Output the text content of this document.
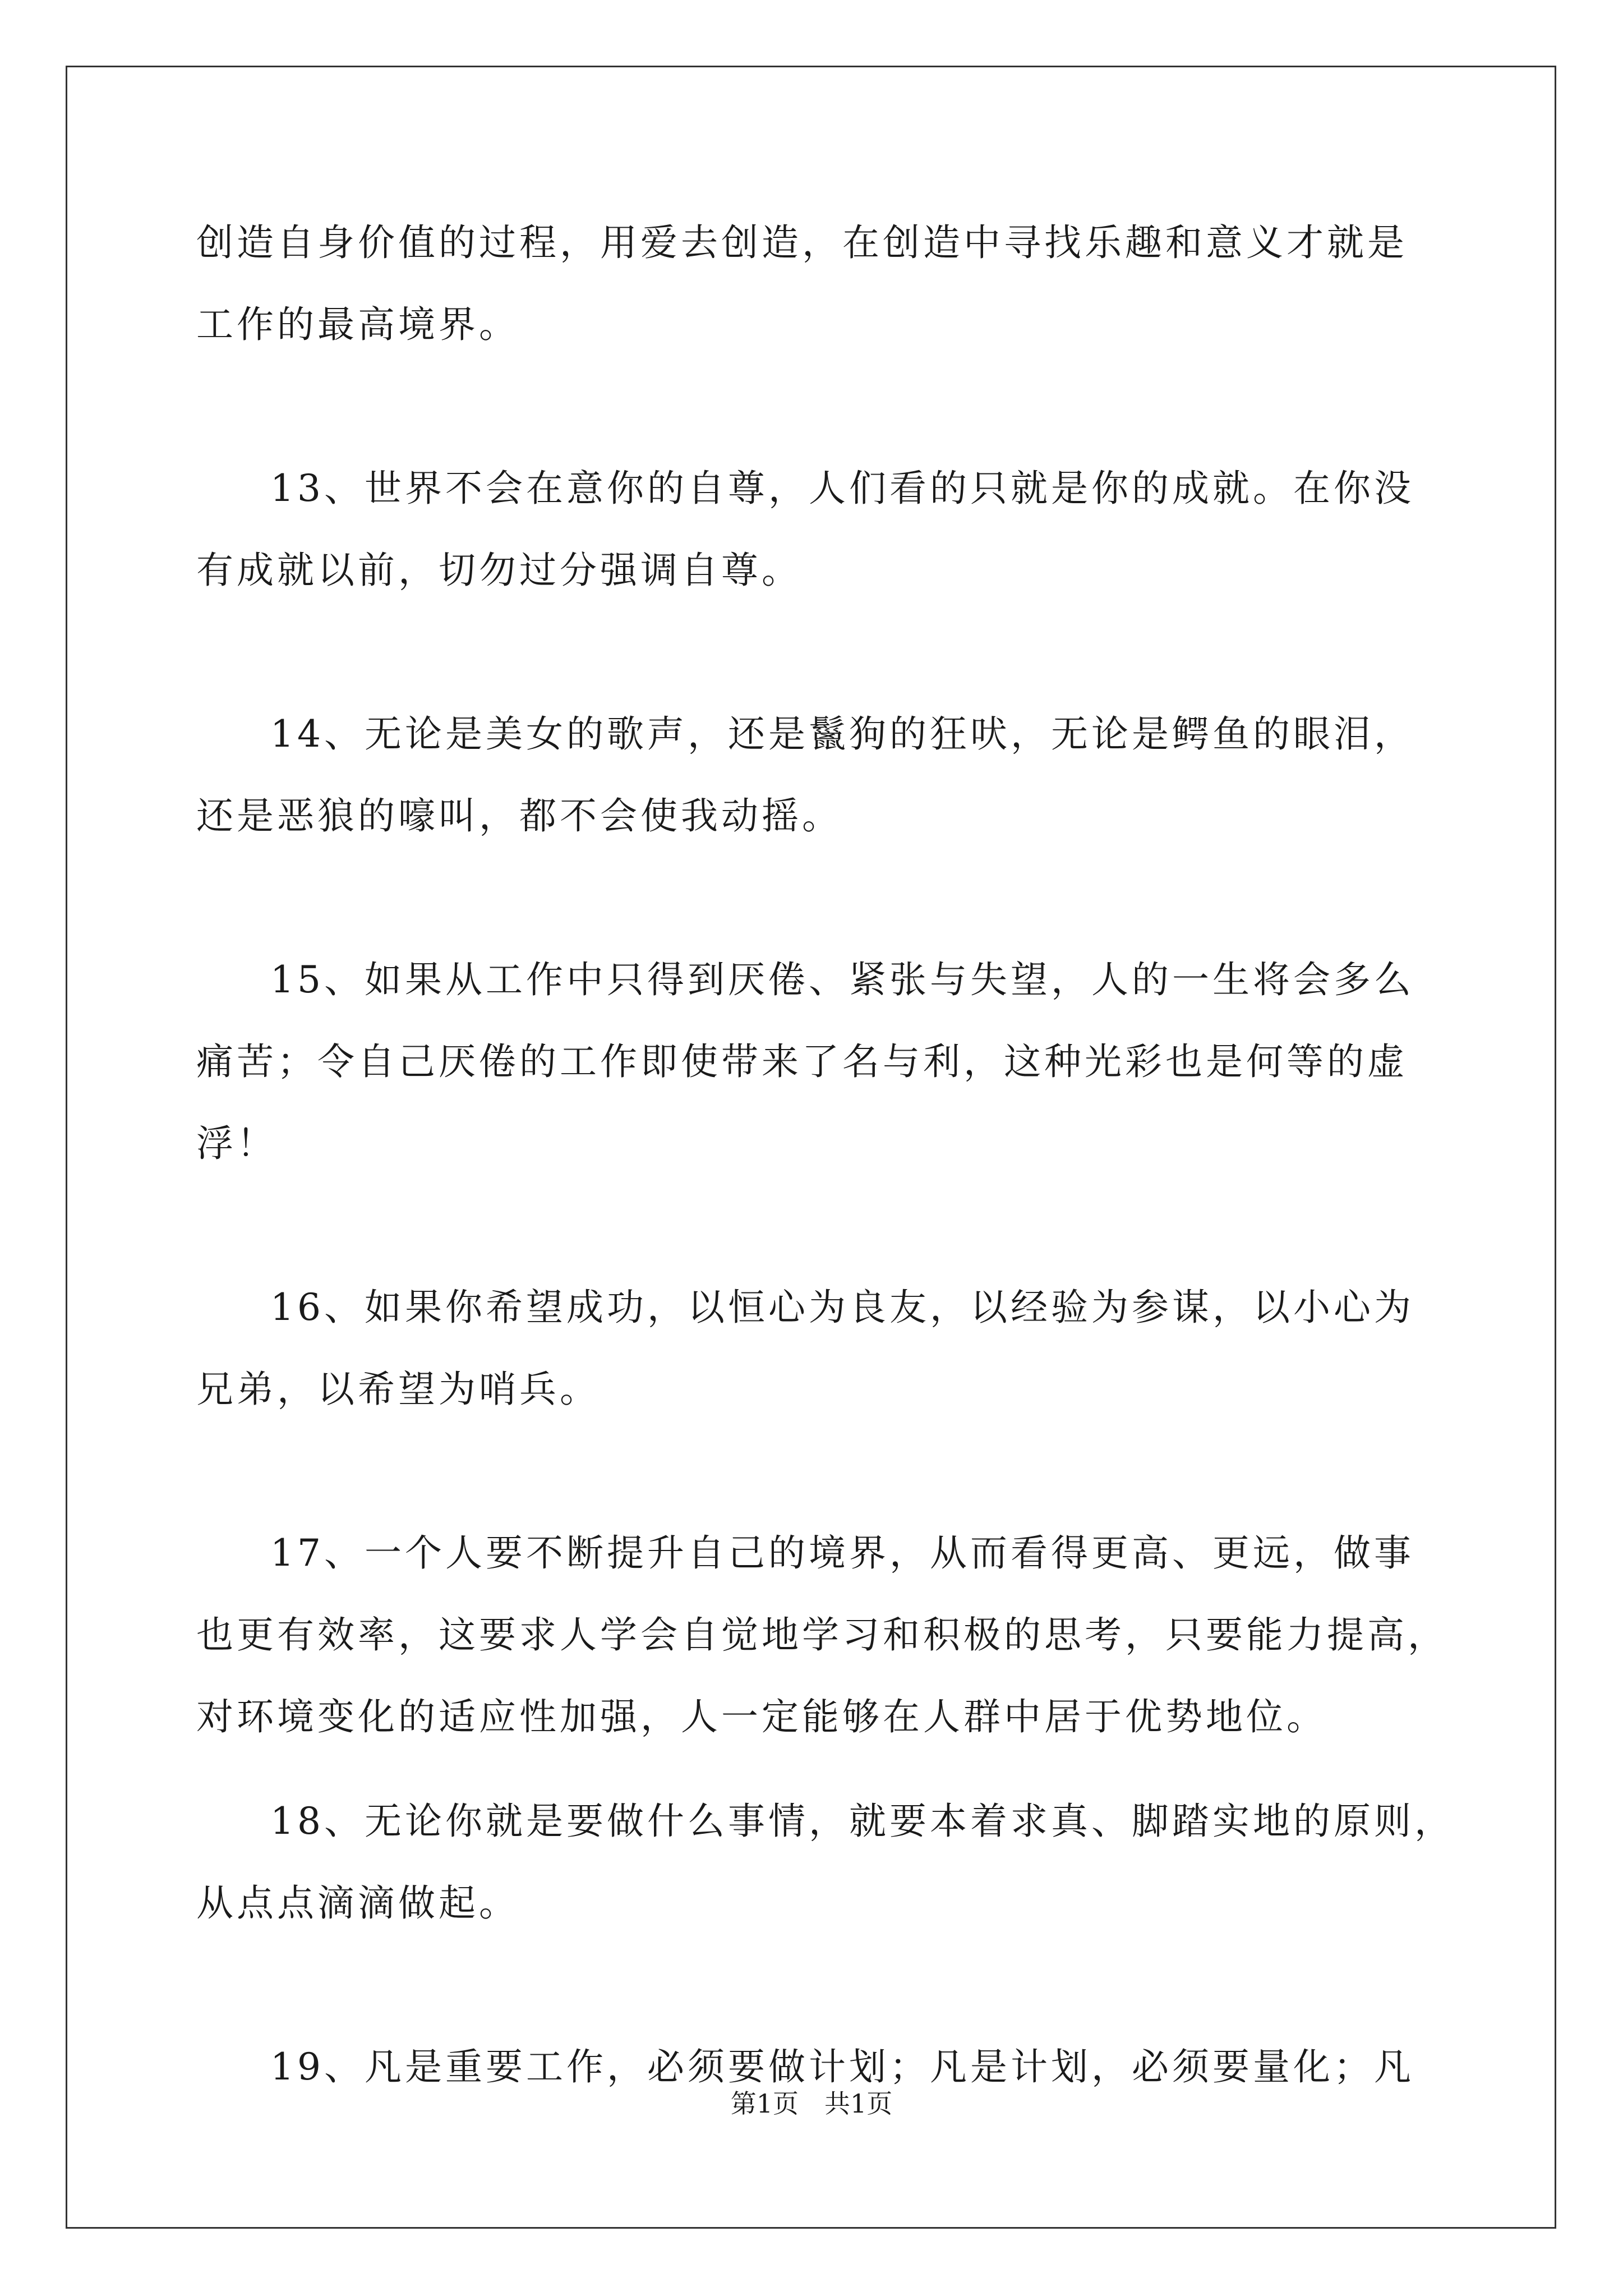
创造自身价值的过程，用爱去创造，在创造中寻找乐趣和意义才就是
工作的最高境界。
13、世界不会在意你的自尊，人们看的只就是你的成就。在你没
有成就以前，切勿过分强调自尊。
14、无论是美女的歌声，还是鬣狗的狂吠，无论是鳄鱼的眼泪，
还是恶狼的嚎叫，都不会使我动摇。
15、如果从工作中只得到厌倦、紧张与失望，人的一生将会多么
痛苦；令自己厌倦的工作即使带来了名与利，这种光彩也是何等的虚
浮！
16、如果你希望成功，以恒心为良友，以经验为参谋，以小心为
兄弟，以希望为哨兵。
17、一个人要不断提升自己的境界，从而看得更高、更远，做事
也更有效率，这要求人学会自觉地学习和积极的思考，只要能力提高，
对环境变化的适应性加强，人一定能够在人群中居于优势地位。
18、无论你就是要做什么事情，就要本着求真、脚踏实地的原则，
从点点滴滴做起。
19、凡是重要工作，必须要做计划；凡是计划，必须要量化；凡
第1页　共1页
